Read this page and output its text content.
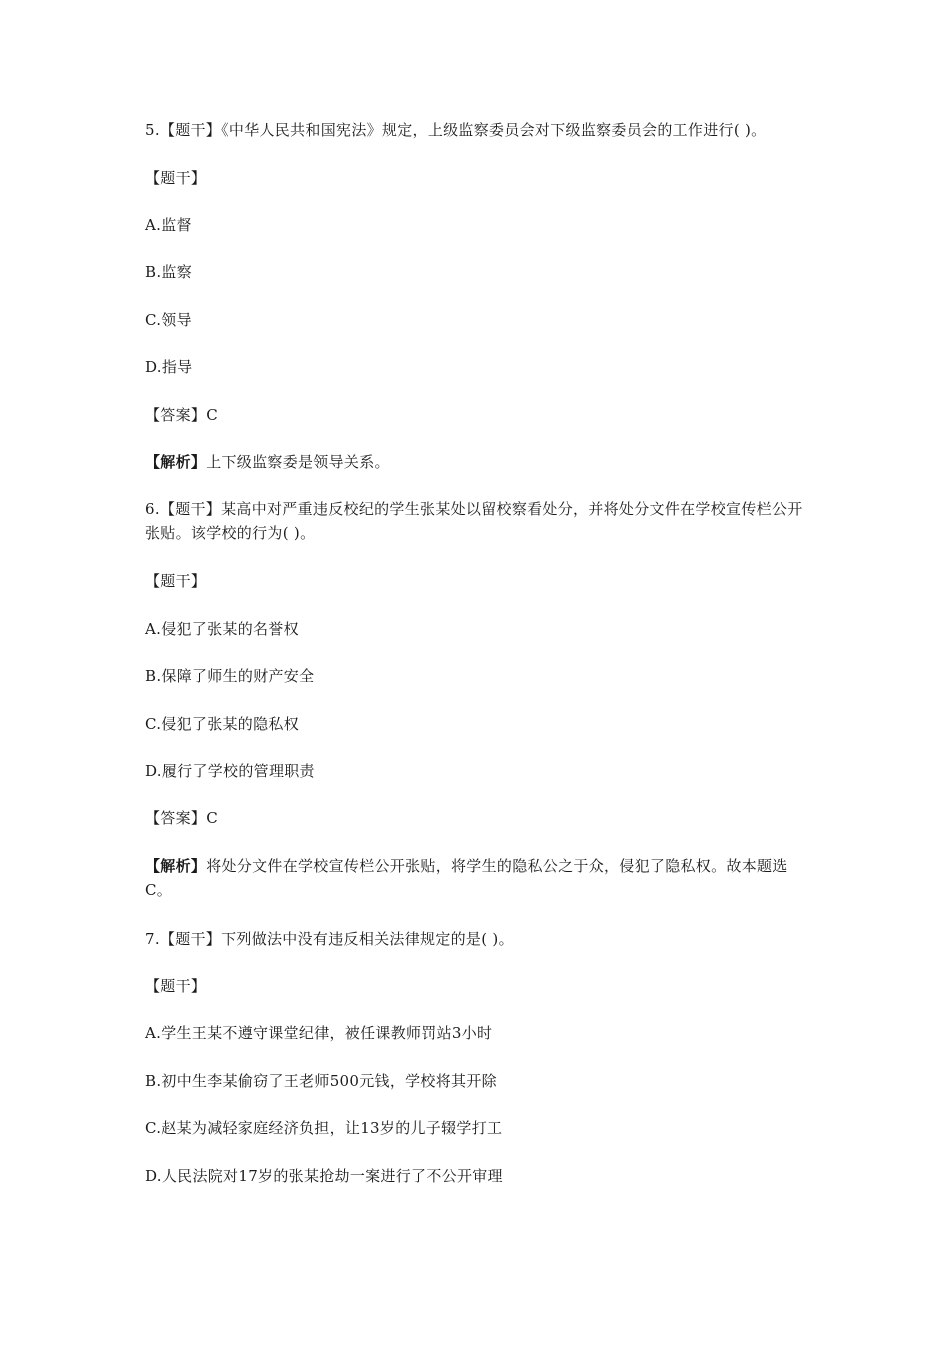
5.【题干】《中华人民共和国宪法》规定，上级监察委员会对下级监察委员会的工作进行( )。
【题干】
A.监督
B.监察
C.领导
D.指导
【答案】C
【解析】上下级监察委是领导关系。
6.【题干】某高中对严重违反校纪的学生张某处以留校察看处分，并将处分文件在学校宣传栏公开张贴。该学校的行为( )。
【题干】
A.侵犯了张某的名誉权
B.保障了师生的财产安全
C.侵犯了张某的隐私权
D.履行了学校的管理职责
【答案】C
【解析】将处分文件在学校宣传栏公开张贴，将学生的隐私公之于众，侵犯了隐私权。故本题选C。
7.【题干】下列做法中没有违反相关法律规定的是( )。
【题干】
A.学生王某不遵守课堂纪律，被任课教师罚站3小时
B.初中生李某偷窃了王老师500元钱，学校将其开除
C.赵某为减轻家庭经济负担，让13岁的儿子辍学打工
D.人民法院对17岁的张某抢劫一案进行了不公开审理
